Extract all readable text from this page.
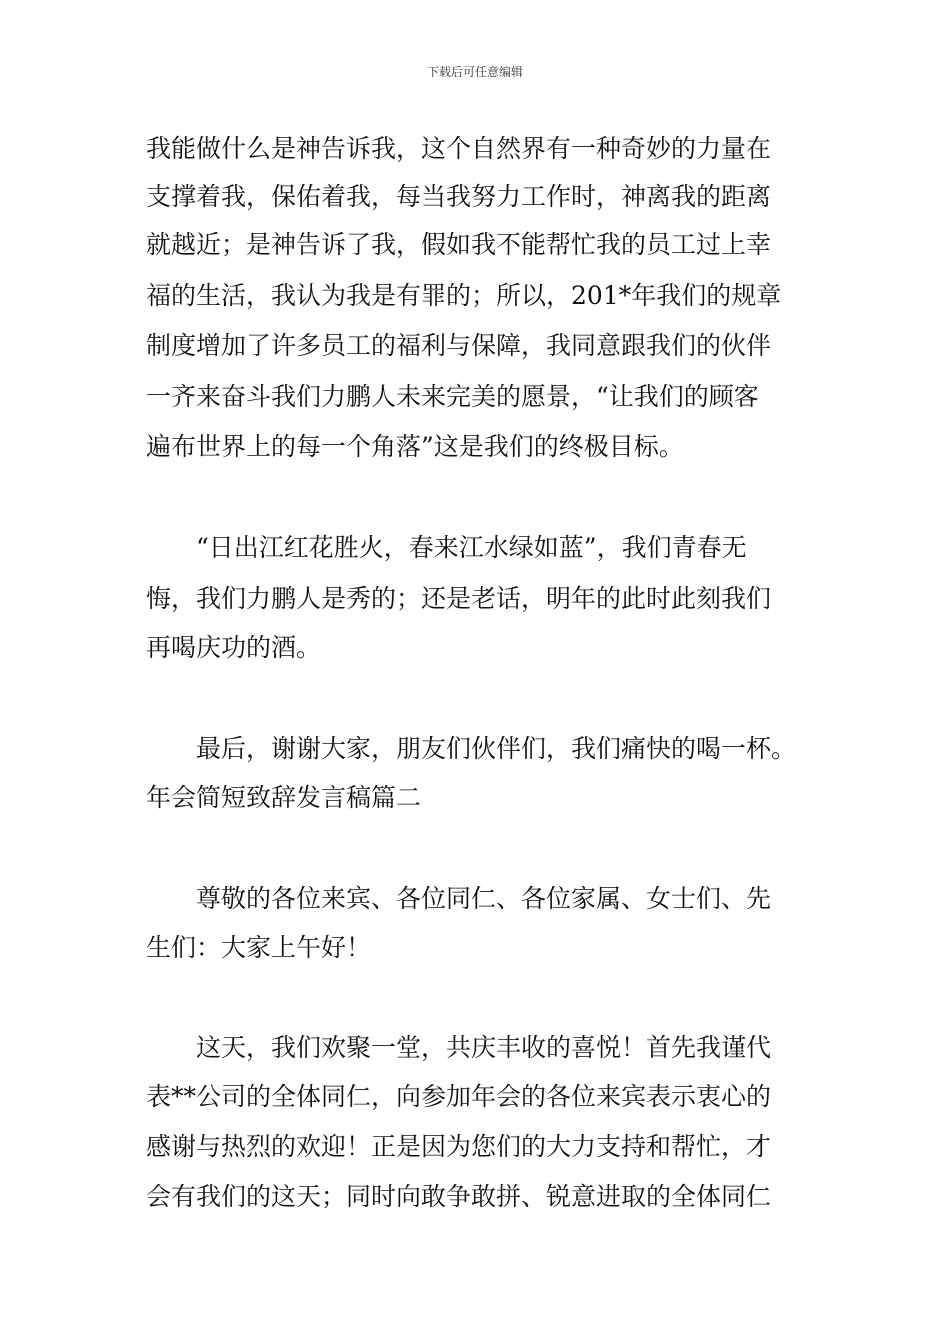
下载后可任意编辑
我能做什么是神告诉我，这个自然界有一种奇妙的力量在
支撑着我，保佑着我，每当我努力工作时，神离我的距离
就越近；是神告诉了我，假如我不能帮忙我的员工过上幸
福的生活，我认为我是有罪的；所以，201*年我们的规章
制度增加了许多员工的福利与保障，我同意跟我们的伙伴
一齐来奋斗我们力鹏人未来完美的愿景，“让我们的顾客
遍布世界上的每一个角落”这是我们的终极目标。
　　“日出江红花胜火，春来江水绿如蓝”，我们青春无
悔，我们力鹏人是秀的；还是老话，明年的此时此刻我们
再喝庆功的酒。
　　最后，谢谢大家，朋友们伙伴们，我们痛快的喝一杯。
年会简短致辞发言稿篇二
　　尊敬的各位来宾、各位同仁、各位家属、女士们、先
生们：大家上午好！
　　这天，我们欢聚一堂，共庆丰收的喜悦！首先我谨代
表**公司的全体同仁，向参加年会的各位来宾表示衷心的
感谢与热烈的欢迎！正是因为您们的大力支持和帮忙，才
会有我们的这天；同时向敢争敢拼、锐意进取的全体同仁
